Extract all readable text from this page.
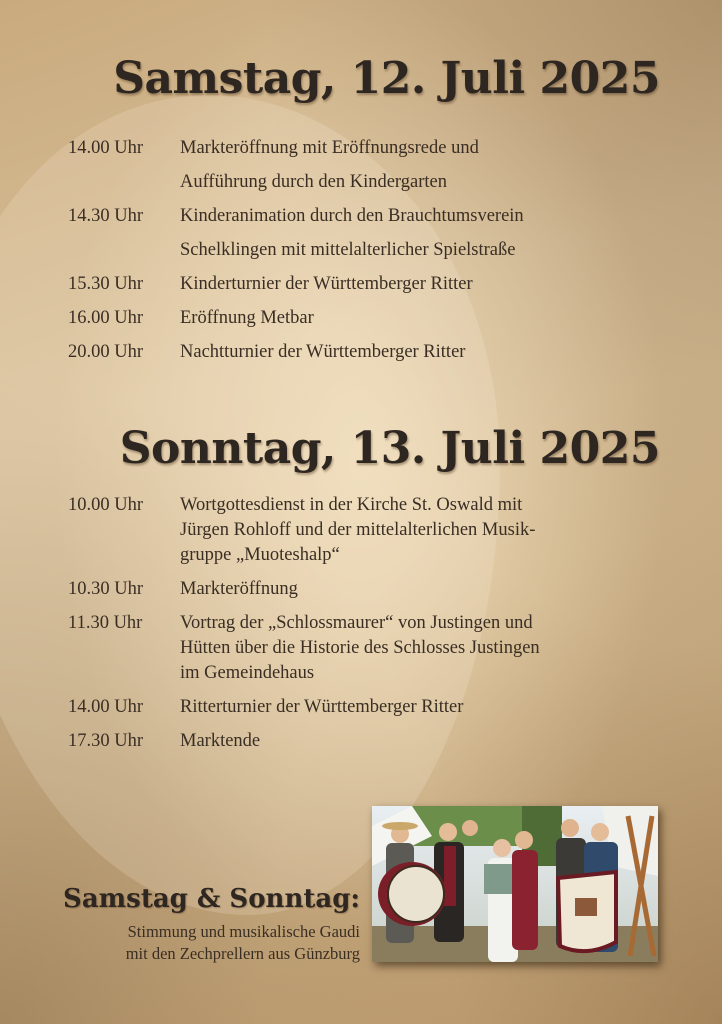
Samstag, 12. Juli 2025
14.00 Uhr	Markteröffnung mit Eröffnungsrede und
Aufführung durch den Kindergarten
14.30 Uhr	Kinderanimation durch den Brauchtumsverein
Schelklingen mit mittelalterlicher Spielstraße
15.30 Uhr	Kinderturnier der Württemberger Ritter
16.00 Uhr	Eröffnung Metbar
20.00 Uhr	Nachtturnier der Württemberger Ritter
Sonntag, 13. Juli 2025
10.00 Uhr	Wortgottesdienst in der Kirche St. Oswald mit
Jürgen Rohloff und der mittelalterlichen Musik-
gruppe „Muoteshalp“
10.30 Uhr	Markteröffnung
11.30 Uhr	Vortrag der „Schlossmaurer“ von Justingen und
Hütten über die Historie des Schlosses Justingen
im Gemeindehaus
14.00 Uhr	Ritterturnier der Württemberger Ritter
17.30 Uhr	Marktende
Samstag & Sonntag:
Stimmung und musikalische Gaudi
mit den Zechprellern aus Günzburg
